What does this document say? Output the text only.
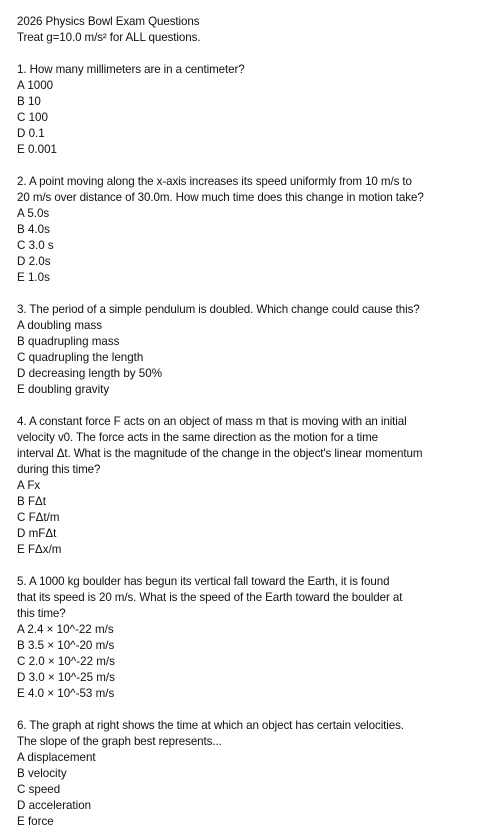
2026 Physics Bowl Exam Questions
Treat g=10.0 m/s² for ALL questions.
1. How many millimeters are in a centimeter?
A 1000
B 10
C 100
D 0.1
E 0.001
2. A point moving along the x-axis increases its speed uniformly from 10 m/s to
20 m/s over distance of 30.0m. How much time does this change in motion take?
A 5.0s
B 4.0s
C 3.0 s
D 2.0s
E 1.0s
3. The period of a simple pendulum is doubled. Which change could cause this?
A doubling mass
B quadrupling mass
C quadrupling the length
D decreasing length by 50%
E doubling gravity
4. A constant force F acts on an object of mass m that is moving with an initial
velocity v0. The force acts in the same direction as the motion for a time
interval Δt. What is the magnitude of the change in the object's linear momentum
during this time?
A Fx
B FΔt
C FΔt/m
D mFΔt
E FΔx/m
5. A 1000 kg boulder has begun its vertical fall toward the Earth, it is found
that its speed is 20 m/s. What is the speed of the Earth toward the boulder at
this time?
A 2.4 × 10^-22 m/s
B 3.5 × 10^-20 m/s
C 2.0 × 10^-22 m/s
D 3.0 × 10^-25 m/s
E 4.0 × 10^-53 m/s
6. The graph at right shows the time at which an object has certain velocities.
The slope of the graph best represents...
A displacement
B velocity
C speed
D acceleration
E force
